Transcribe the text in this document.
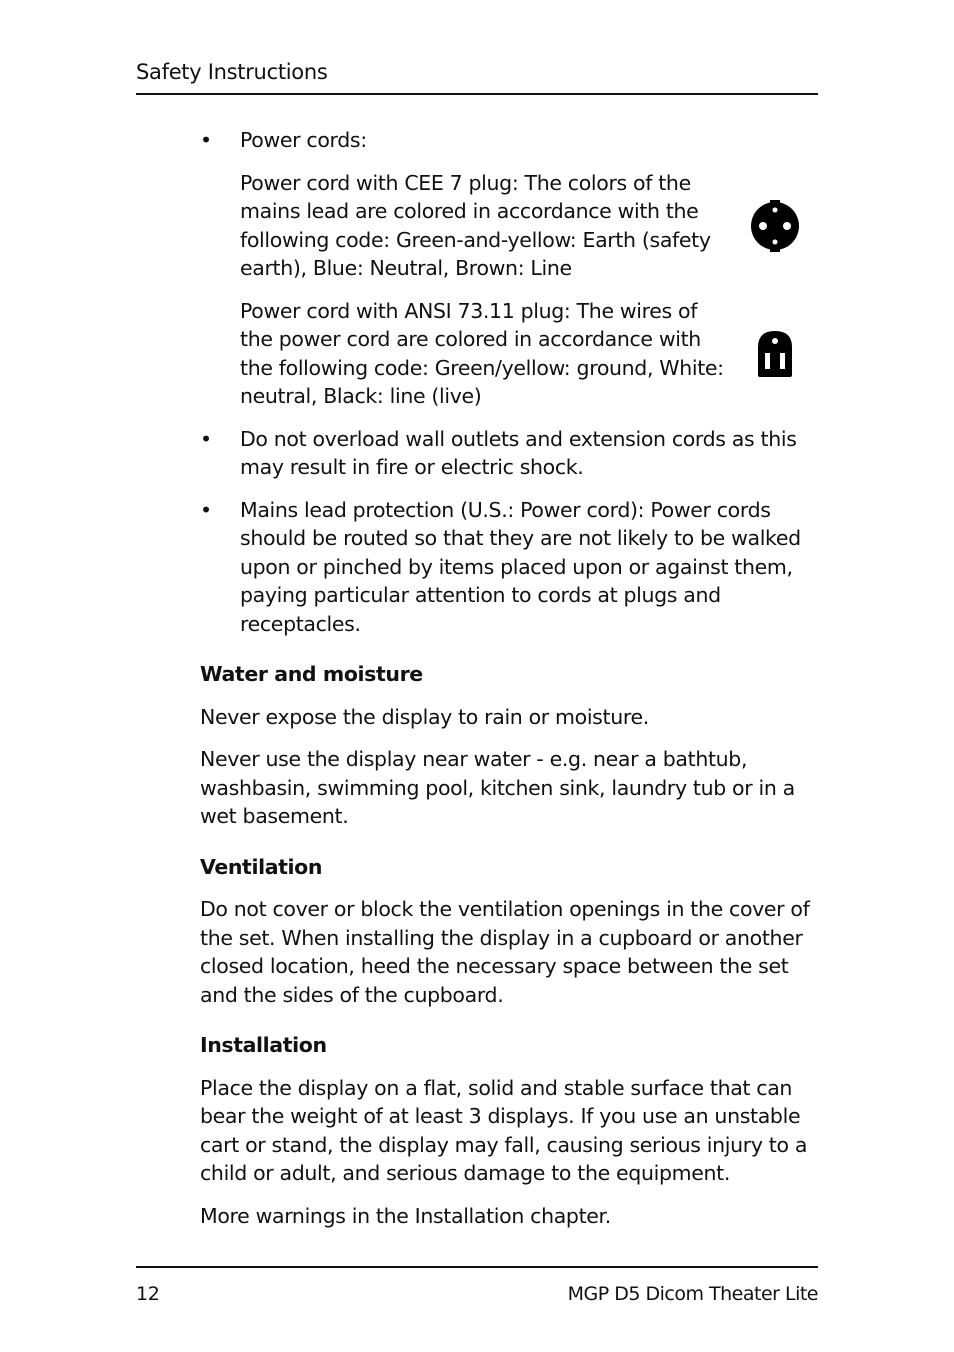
Safety Instructions
• Power cords:

Power cord with CEE 7 plug: The colors of the mains lead are colored in accordance with the following code: Green-and-yellow: Earth (safety earth), Blue: Neutral, Brown: Line

Power cord with ANSI 73.11 plug: The wires of the power cord are colored in accordance with the following code: Green/yellow: ground, White: neutral, Black: line (live)

• Do not overload wall outlets and extension cords as this may result in fire or electric shock.

• Mains lead protection (U.S.: Power cord): Power cords should be routed so that they are not likely to be walked upon or pinched by items placed upon or against them, paying particular attention to cords at plugs and receptacles.

Water and moisture

Never expose the display to rain or moisture.

Never use the display near water - e.g. near a bathtub, washbasin, swimming pool, kitchen sink, laundry tub or in a wet basement.

Ventilation

Do not cover or block the ventilation openings in the cover of the set. When installing the display in a cupboard or another closed location, heed the necessary space between the set and the sides of the cupboard.

Installation

Place the display on a flat, solid and stable surface that can bear the weight of at least 3 displays. If you use an unstable cart or stand, the display may fall, causing serious injury to a child or adult, and serious damage to the equipment.

More warnings in the Installation chapter.

12	MGP D5 Dicom Theater Lite
